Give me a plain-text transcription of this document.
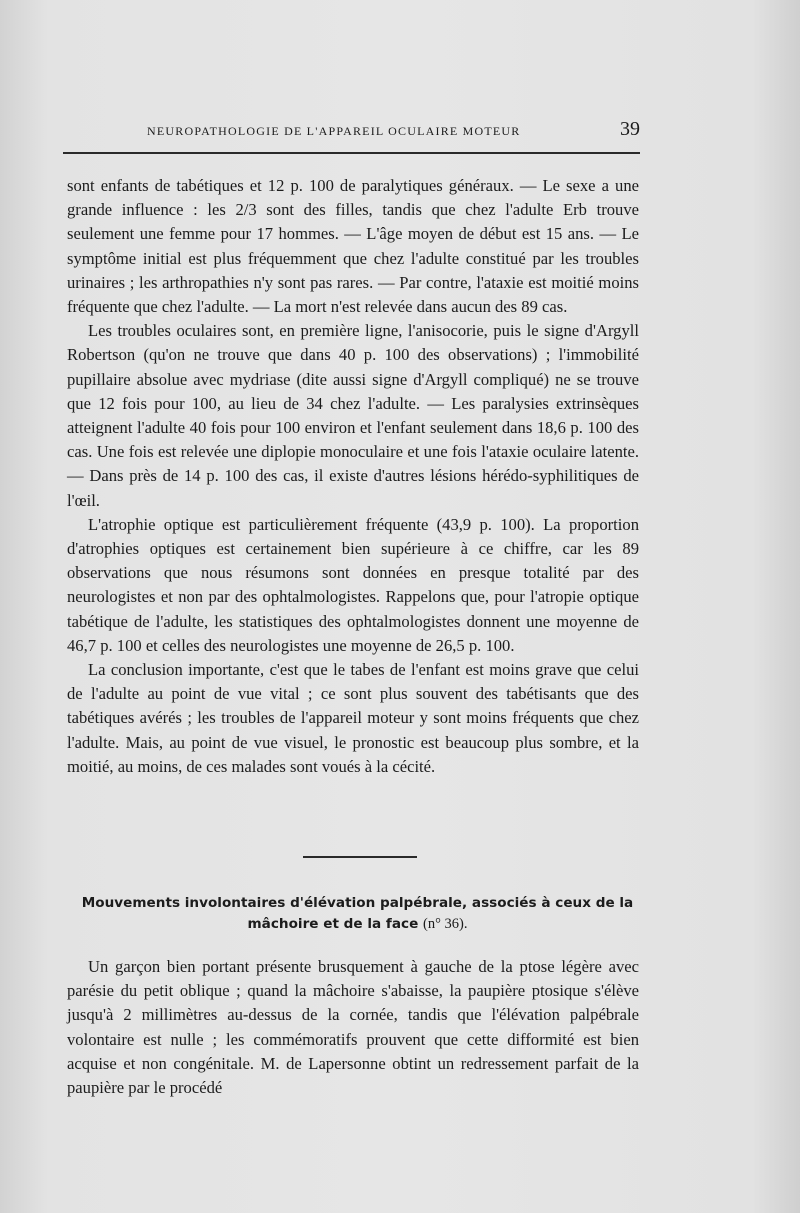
NEUROPATHOLOGIE DE L'APPAREIL OCULAIRE MOTEUR	39

sont enfants de tabétiques et 12 p. 100 de paralytiques généraux. — Le sexe a une grande influence : les 2/3 sont des filles, tandis que chez l'adulte Erb trouve seulement une femme pour 17 hommes. — L'âge moyen de début est 15 ans. — Le symptôme initial est plus fréquemment que chez l'adulte constitué par les troubles urinaires ; les arthropathies n'y sont pas rares. — Par contre, l'ataxie est moitié moins fréquente que chez l'adulte. — La mort n'est relevée dans aucun des 89 cas.

Les troubles oculaires sont, en première ligne, l'anisocorie, puis le signe d'Argyll Robertson (qu'on ne trouve que dans 40 p. 100 des observations) ; l'immobilité pupillaire absolue avec mydriase (dite aussi signe d'Argyll compliqué) ne se trouve que 12 fois pour 100, au lieu de 34 chez l'adulte. — Les paralysies extrinsèques atteignent l'adulte 40 fois pour 100 environ et l'enfant seulement dans 18,6 p. 100 des cas. Une fois est relevée une diplopie monoculaire et une fois l'ataxie oculaire latente. — Dans près de 14 p. 100 des cas, il existe d'autres lésions hérédo-syphilitiques de l'œil.

L'atrophie optique est particulièrement fréquente (43,9 p. 100). La proportion d'atrophies optiques est certainement bien supérieure à ce chiffre, car les 89 observations que nous résumons sont données en presque totalité par des neurologistes et non par des ophtalmologistes. Rappelons que, pour l'atropie optique tabétique de l'adulte, les statistiques des ophtalmologistes donnent une moyenne de 46,7 p. 100 et celles des neurologistes une moyenne de 26,5 p. 100.

La conclusion importante, c'est que le tabes de l'enfant est moins grave que celui de l'adulte au point de vue vital ; ce sont plus souvent des tabétisants que des tabétiques avérés ; les troubles de l'appareil moteur y sont moins fréquents que chez l'adulte. Mais, au point de vue visuel, le pronostic est beaucoup plus sombre, et la moitié, au moins, de ces malades sont voués à la cécité.

Mouvements involontaires d'élévation palpébrale, associés à ceux de la mâchoire et de la face (n° 36).

Un garçon bien portant présente brusquement à gauche de la ptose légère avec parésie du petit oblique ; quand la mâchoire s'abaisse, la paupière ptosique s'élève jusqu'à 2 millimètres au-dessus de la cornée, tandis que l'élévation palpébrale volontaire est nulle ; les commémoratifs prouvent que cette difformité est bien acquise et non congénitale. M. de Lapersonne obtint un redressement parfait de la paupière par le procédé
